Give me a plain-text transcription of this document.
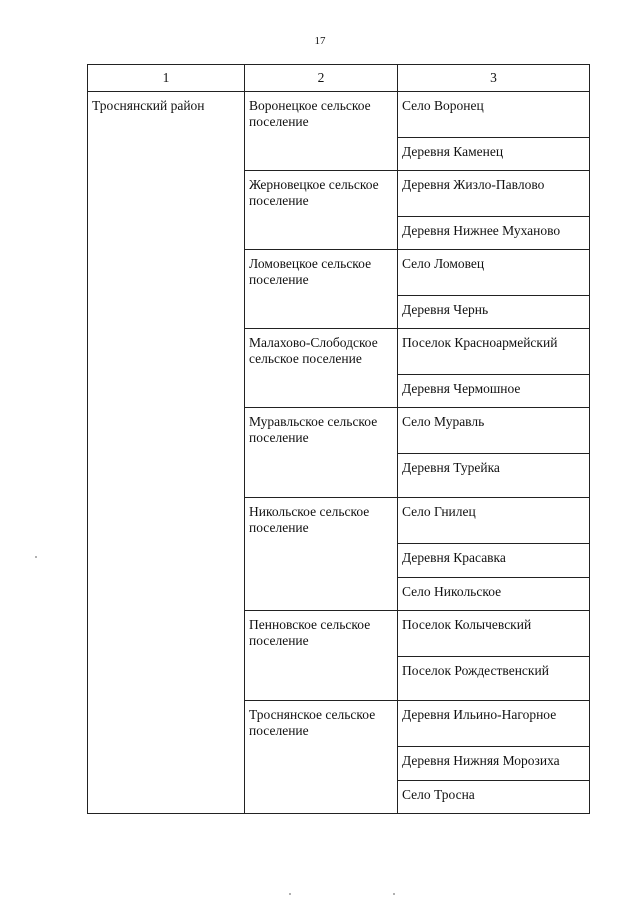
17
1	2	3
Троснянский район	Воронецкое сельское поселение	Село Воронец
		Деревня Каменец
	Жерновецкое сельское поселение	Деревня Жизло-Павлово
		Деревня Нижнее Муханово
	Ломовецкое сельское поселение	Село Ломовец
		Деревня Чернь
	Малахово-Слободское сельское поселение	Поселок Красноармейский
		Деревня Чермошное
	Муравльское сельское поселение	Село Муравль
		Деревня Турейка
	Никольское сельское поселение	Село Гнилец
		Деревня Красавка
		Село Никольское
	Пенновское сельское поселение	Поселок Колычевский
		Поселок Рождественский
	Троснянское сельское поселение	Деревня Ильино-Нагорное
		Деревня Нижняя Морозиха
		Село Тросна
